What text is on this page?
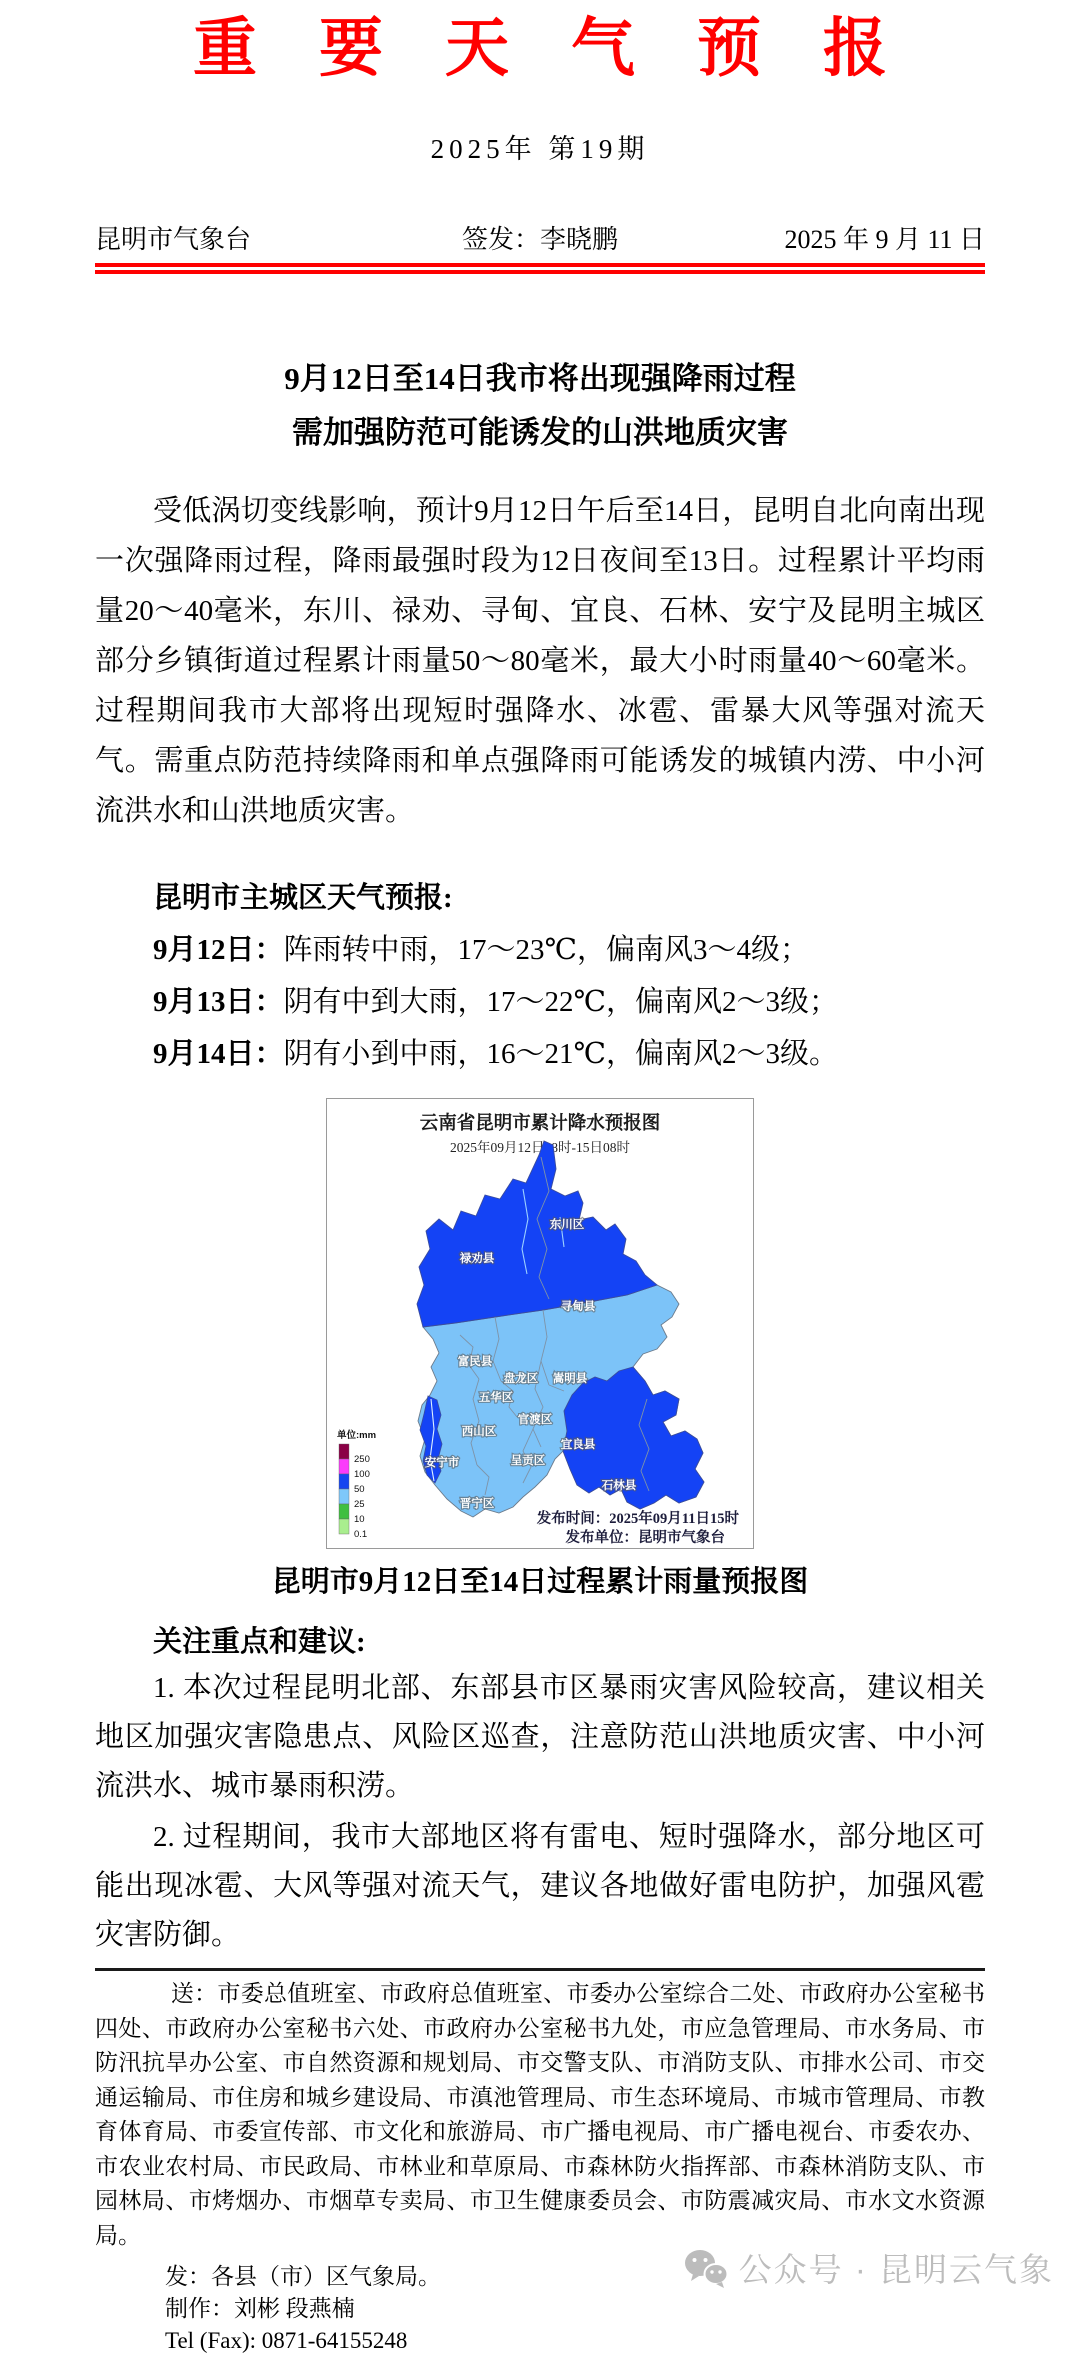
重要天气预报
2025年 第19期
昆明市气象台	签发：李晓鹏	2025 年 9 月 11 日
9月12日至14日我市将出现强降雨过程
需加强防范可能诱发的山洪地质灾害

受低涡切变线影响，预计9月12日午后至14日，昆明自北向南出现一次强降雨过程，降雨最强时段为12日夜间至13日。过程累计平均雨量20～40毫米，东川、禄劝、寻甸、宜良、石林、安宁及昆明主城区部分乡镇街道过程累计雨量50～80毫米，最大小时雨量40～60毫米。过程期间我市大部将出现短时强降水、冰雹、雷暴大风等强对流天气。需重点防范持续降雨和单点强降雨可能诱发的城镇内涝、中小河流洪水和山洪地质灾害。

昆明市主城区天气预报:
9月12日：阵雨转中雨，17～23℃，偏南风3～4级；
9月13日：阴有中到大雨，17～22℃，偏南风2～3级；
9月14日：阴有小到中雨，16～21℃，偏南风2～3级。
云南省昆明市累计降水预报图
2025年09月12日08时-15日08时
禄劝县
东川区
寻甸县
富民县
盘龙区 嵩明县
五华区
官渡区
西山区
宜良县
呈贡区
安宁市
石林县
晋宁区
单位:mm
250
100
50
25
10
0.1
发布时间：2025年09月11日15时
发布单位：昆明市气象台
昆明市9月12日至14日过程累计雨量预报图
关注重点和建议:

1. 本次过程昆明北部、东部县市区暴雨灾害风险较高，建议相关地区加强灾害隐患点、风险区巡查，注意防范山洪地质灾害、中小河流洪水、城市暴雨积涝。

2. 过程期间，我市大部地区将有雷电、短时强降水，部分地区可能出现冰雹、大风等强对流天气，建议各地做好雷电防护，加强风雹灾害防御。

送：市委总值班室、市政府总值班室、市委办公室综合二处、市政府办公室秘书四处、市政府办公室秘书六处、市政府办公室秘书九处，市应急管理局、市水务局、市防汛抗旱办公室、市自然资源和规划局、市交警支队、市消防支队、市排水公司、市交通运输局、市住房和城乡建设局、市滇池管理局、市生态环境局、市城市管理局、市教育体育局、市委宣传部、市文化和旅游局、市广播电视局、市广播电视台、市委农办、市农业农村局、市民政局、市林业和草原局、市森林防火指挥部、市森林消防支队、市园林局、市烤烟办、市烟草专卖局、市卫生健康委员会、市防震减灾局、市水文水资源局。

发：各县（市）区气象局。
制作：刘彬 段燕楠
Tel (Fax): 0871-64155248
公众号 · 昆明云气象
